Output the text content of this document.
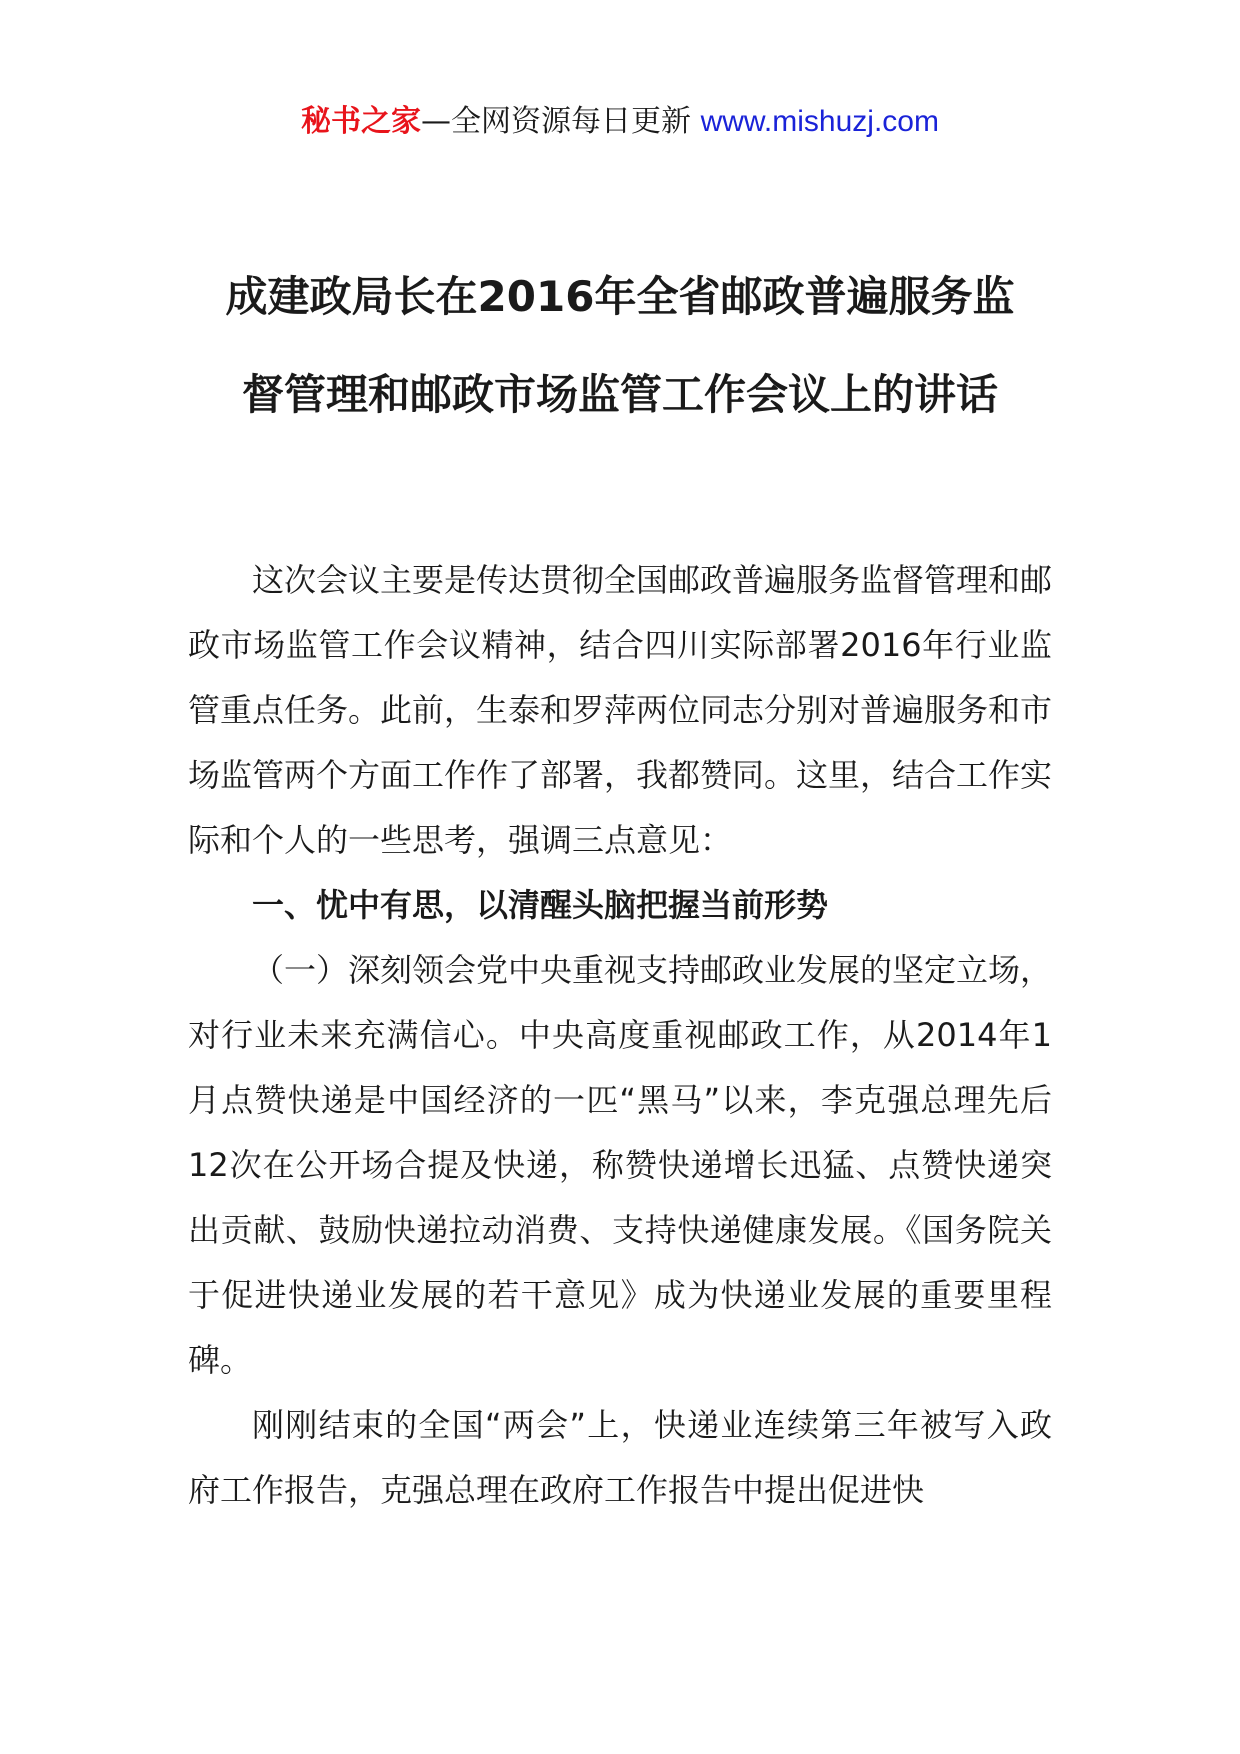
秘书之家—全网资源每日更新 www.mishuzj.com
成建政局长在2016年全省邮政普遍服务监
督管理和邮政市场监管工作会议上的讲话

这次会议主要是传达贯彻全国邮政普遍服务监督管理和邮政市场监管工作会议精神，结合四川实际部署2016年行业监管重点任务。此前，生泰和罗萍两位同志分别对普遍服务和市场监管两个方面工作作了部署，我都赞同。这里，结合工作实际和个人的一些思考，强调三点意见：

一、忧中有思，以清醒头脑把握当前形势

（一）深刻领会党中央重视支持邮政业发展的坚定立场，对行业未来充满信心。中央高度重视邮政工作，从2014年1月点赞快递是中国经济的一匹“黑马”以来，李克强总理先后12次在公开场合提及快递，称赞快递增长迅猛、点赞快递突出贡献、鼓励快递拉动消费、支持快递健康发展。《国务院关于促进快递业发展的若干意见》成为快递业发展的重要里程碑。

刚刚结束的全国“两会”上，快递业连续第三年被写入政府工作报告，克强总理在政府工作报告中提出促进快
